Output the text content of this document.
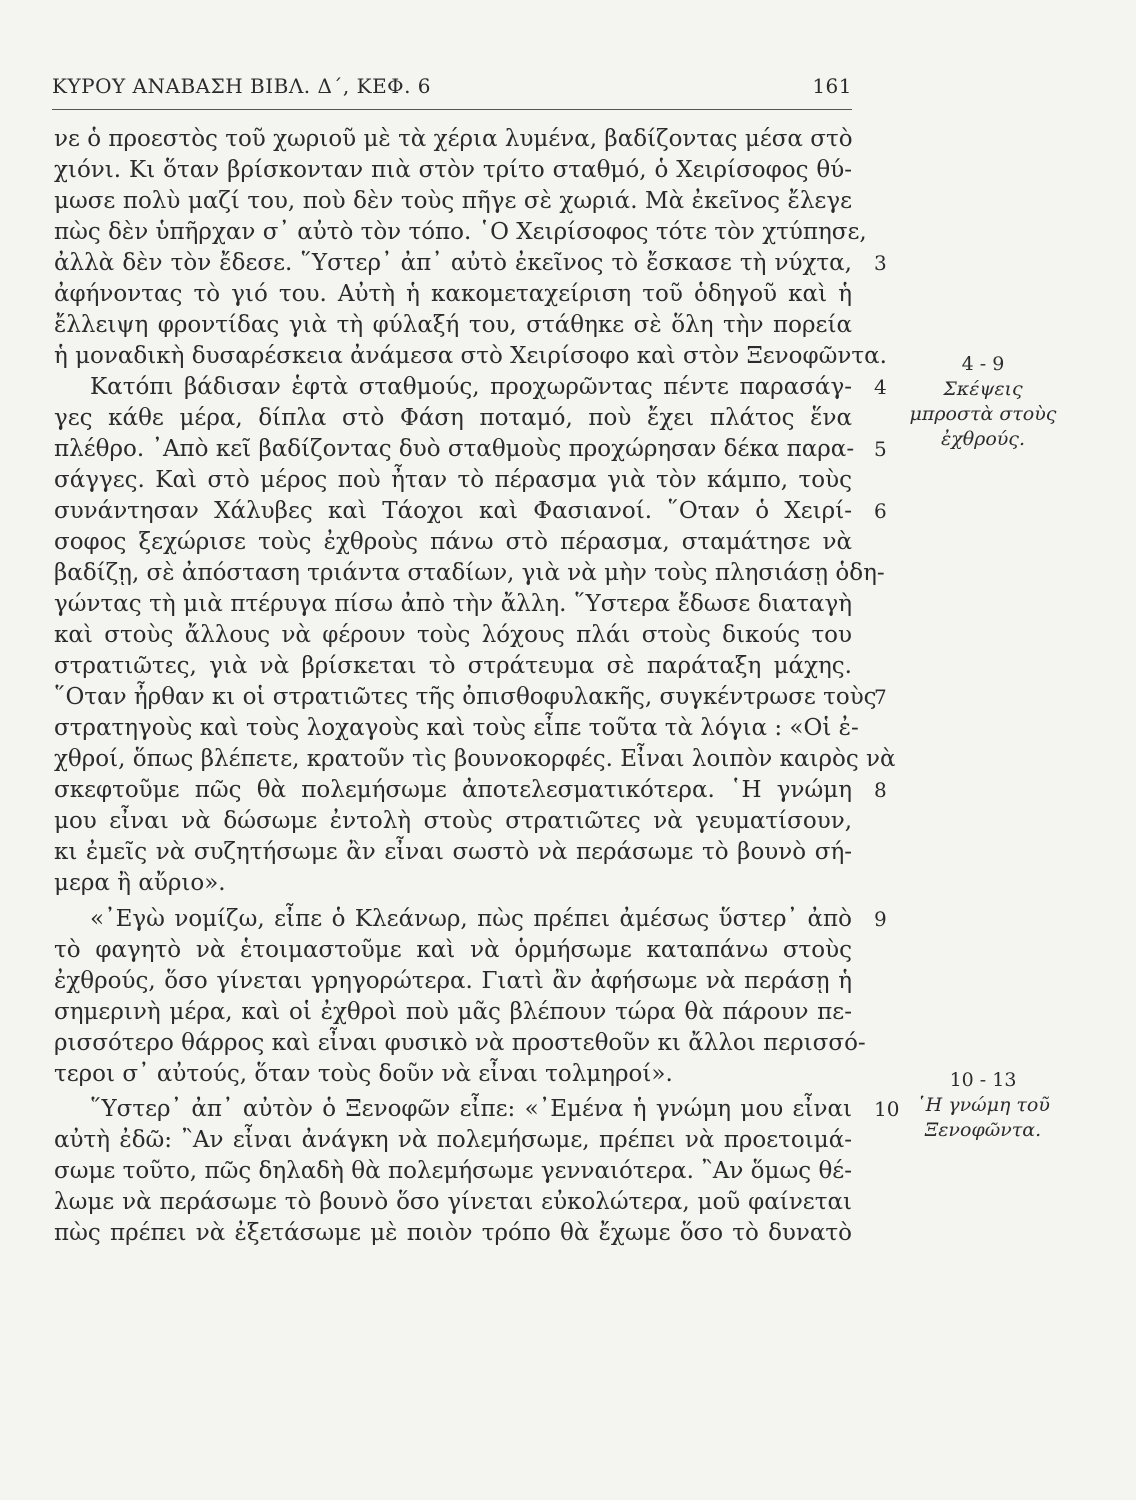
ΚΥΡΟΥ ΑΝΑΒΑΣΗ ΒΙΒΛ. Δ΄, ΚΕΦ. 6	161
νε ὁ προεστὸς τοῦ χωριοῦ μὲ τὰ χέρια λυμένα, βαδίζοντας μέσα στὸ
χιόνι. Κι ὅταν βρίσκονταν πιὰ στὸν τρίτο σταθμό, ὁ Χειρίσοφος θύ-
μωσε πολὺ μαζί του, ποὺ δὲν τοὺς πῆγε σὲ χωριά. Μὰ ἐκεῖνος ἔλεγε
πὼς δὲν ὑπῆρχαν σ᾿ αὐτὸ τὸν τόπο. ῾Ο Χειρίσοφος τότε τὸν χτύπησε,
ἀλλὰ δὲν τὸν ἔδεσε. ῞Υστερ᾿ ἀπ᾿ αὐτὸ ἐκεῖνος τὸ ἔσκασε τὴ νύχτα,
ἀφήνοντας τὸ γιό του. Αὐτὴ ἡ κακομεταχείριση τοῦ ὁδηγοῦ καὶ ἡ
ἔλλειψη φροντίδας γιὰ τὴ φύλαξή του, στάθηκε σὲ ὅλη τὴν πορεία
ἡ μοναδικὴ δυσαρέσκεια ἀνάμεσα στὸ Χειρίσοφο καὶ στὸν Ξενοφῶντα.
Κατόπι βάδισαν ἑφτὰ σταθμούς, προχωρῶντας πέντε παρασάγ-
γες κάθε μέρα, δίπλα στὸ Φάση ποταμό, ποὺ ἔχει πλάτος ἕνα
πλέθρο. ᾿Απὸ κεῖ βαδίζοντας δυὸ σταθμοὺς προχώρησαν δέκα παρα-
σάγγες. Καὶ στὸ μέρος ποὺ ἦταν τὸ πέρασμα γιὰ τὸν κάμπο, τοὺς
συνάντησαν Χάλυβες καὶ Τάοχοι καὶ Φασιανοί. ῞Οταν ὁ Χειρί-
σοφος ξεχώρισε τοὺς ἐχθροὺς πάνω στὸ πέρασμα, σταμάτησε νὰ
βαδίζῃ, σὲ ἀπόσταση τριάντα σταδίων, γιὰ νὰ μὴν τοὺς πλησιάσῃ ὁδη-
γώντας τὴ μιὰ πτέρυγα πίσω ἀπὸ τὴν ἄλλη. ῞Υστερα ἔδωσε διαταγὴ
καὶ στοὺς ἄλλους νὰ φέρουν τοὺς λόχους πλάι στοὺς δικούς του
στρατιῶτες, γιὰ νὰ βρίσκεται τὸ στράτευμα σὲ παράταξη μάχης.
῞Οταν ἦρθαν κι οἱ στρατιῶτες τῆς ὀπισθοφυλακῆς, συγκέντρωσε τοὺς
στρατηγοὺς καὶ τοὺς λοχαγοὺς καὶ τοὺς εἶπε τοῦτα τὰ λόγια : «Οἱ ἐ-
χθροί, ὅπως βλέπετε, κρατοῦν τὶς βουνοκορφές. Εἶναι λοιπὸν καιρὸς νὰ
σκεφτοῦμε πῶς θὰ πολεμήσωμε ἀποτελεσματικότερα. ῾Η γνώμη
μου εἶναι νὰ δώσωμε ἐντολὴ στοὺς στρατιῶτες νὰ γευματίσουν,
κι ἐμεῖς νὰ συζητήσωμε ἂν εἶναι σωστὸ νὰ περάσωμε τὸ βουνὸ σή-
μερα ἢ αὔριο».
«᾿Εγὼ νομίζω, εἶπε ὁ Κλεάνωρ, πὼς πρέπει ἀμέσως ὕστερ᾿ ἀπὸ
τὸ φαγητὸ νὰ ἑτοιμαστοῦμε καὶ νὰ ὁρμήσωμε καταπάνω στοὺς
ἐχθρούς, ὅσο γίνεται γρηγορώτερα. Γιατὶ ἂν ἀφήσωμε νὰ περάσῃ ἡ
σημερινὴ μέρα, καὶ οἱ ἐχθροὶ ποὺ μᾶς βλέπουν τώρα θὰ πάρουν πε-
ρισσότερο θάρρος καὶ εἶναι φυσικὸ νὰ προστεθοῦν κι ἄλλοι περισσό-
τεροι σ᾿ αὐτούς, ὅταν τοὺς δοῦν νὰ εἶναι τολμηροί».
῞Υστερ᾿ ἀπ᾿ αὐτὸν ὁ Ξενοφῶν εἶπε: «᾿Εμένα ἡ γνώμη μου εἶναι
αὐτὴ ἐδῶ: ῍Αν εἶναι ἀνάγκη νὰ πολεμήσωμε, πρέπει νὰ προετοιμά-
σωμε τοῦτο, πῶς δηλαδὴ θὰ πολεμήσωμε γενναιότερα. ῍Αν ὅμως θέ-
λωμε νὰ περάσωμε τὸ βουνὸ ὅσο γίνεται εὐκολώτερα, μοῦ φαίνεται
πὼς πρέπει νὰ ἐξετάσωμε μὲ ποιὸν τρόπο θὰ ἔχωμε ὅσο τὸ δυνατὸ
3
4
5
6
7
8
9
10
4 - 9
Σκέψεις
μπροστὰ στοὺς
ἐχθρούς.
10 - 13
῾Η γνώμη τοῦ
Ξενοφῶντα.
